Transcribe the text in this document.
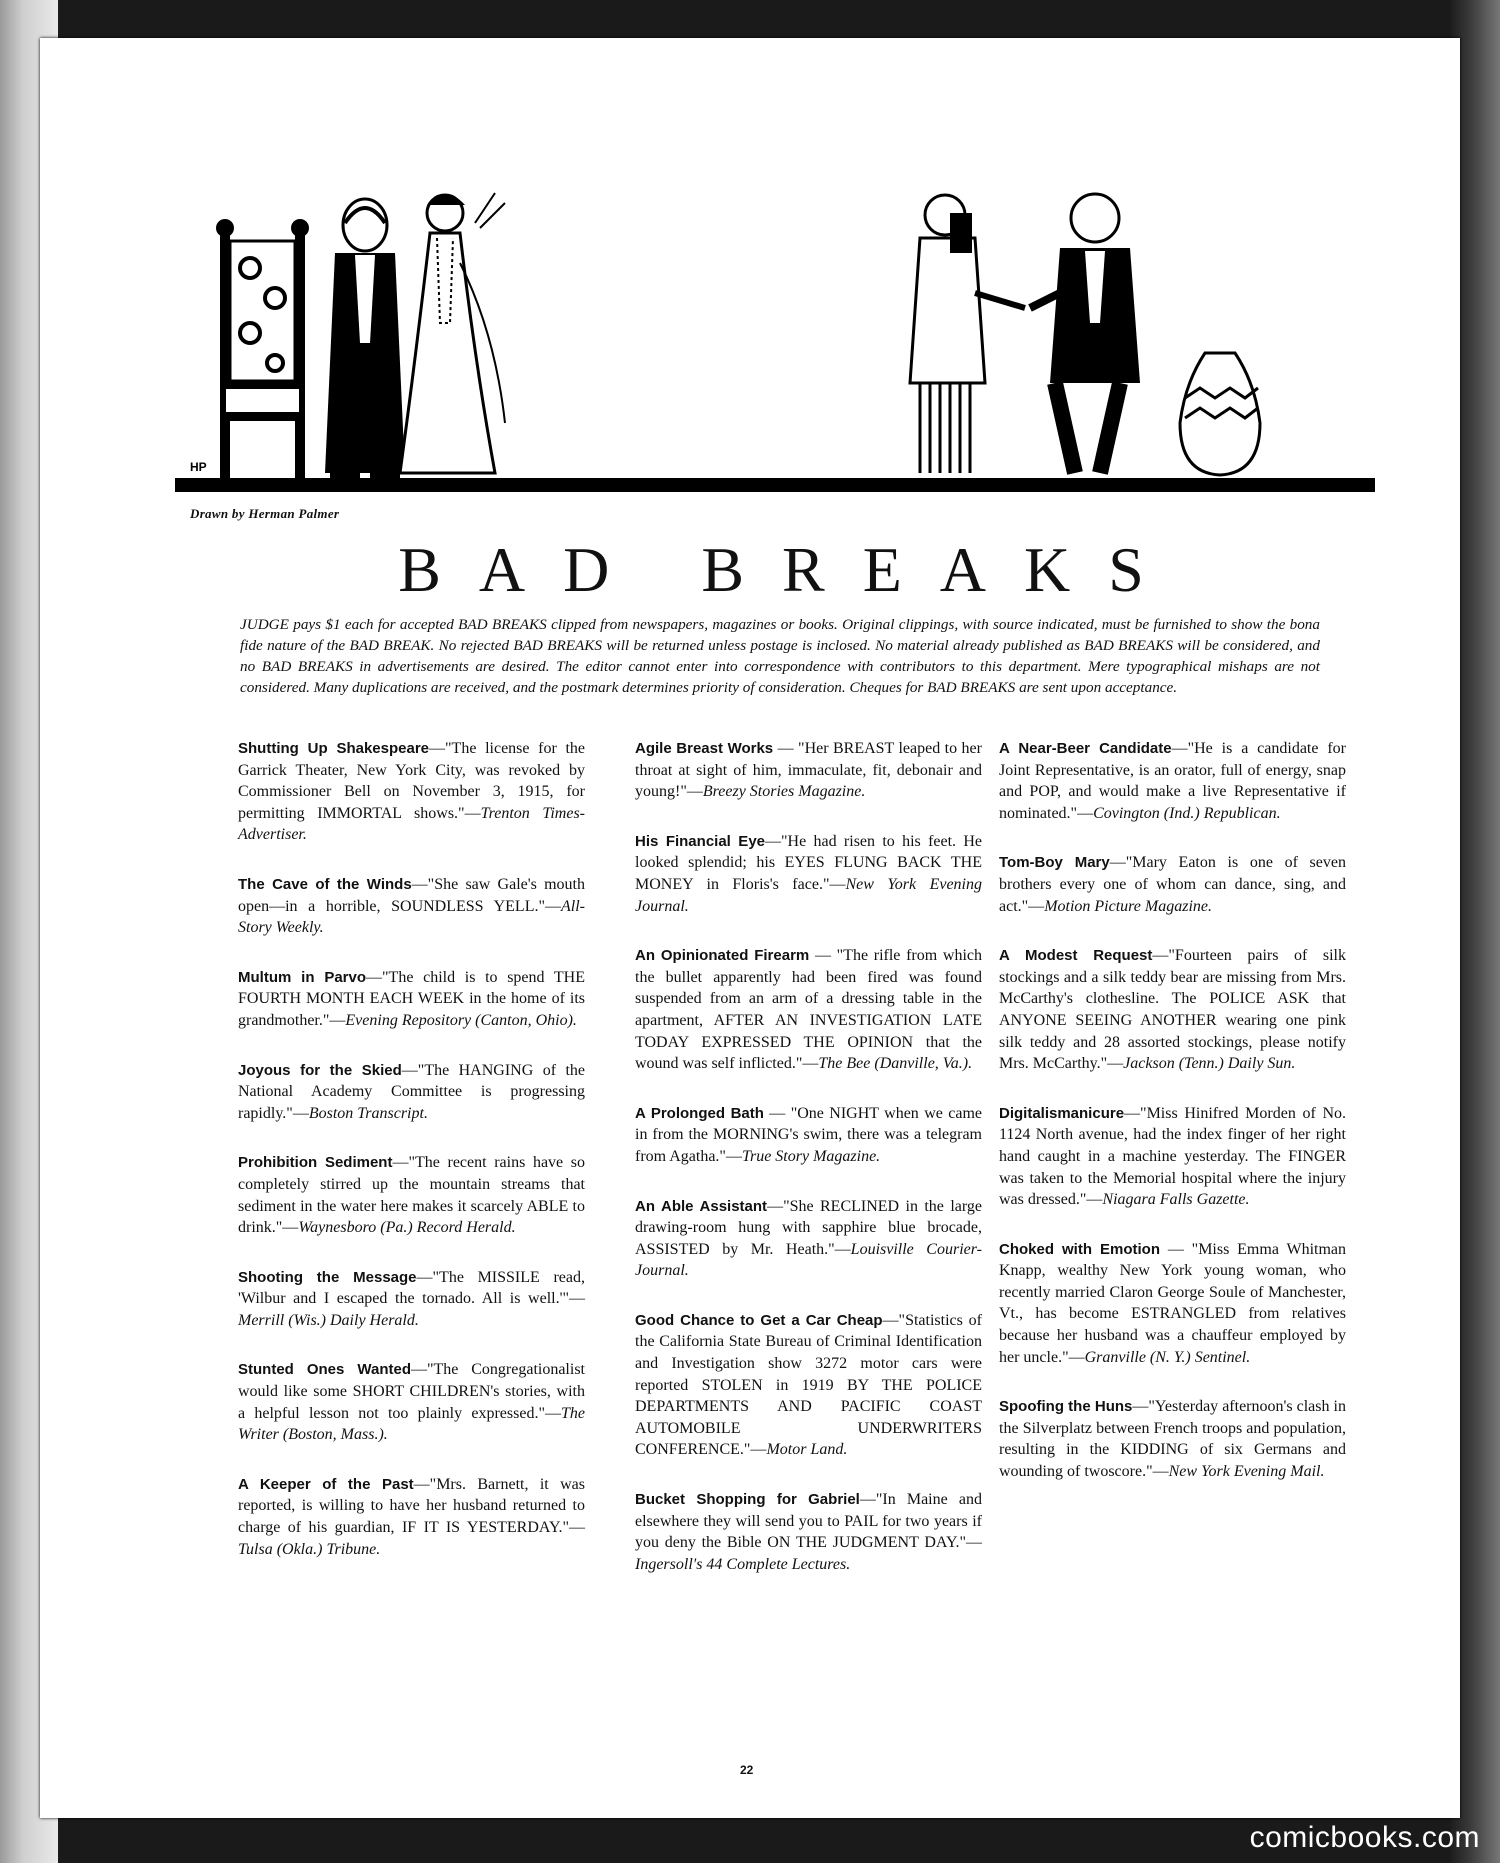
HP
Drawn by Herman Palmer
BAD BREAKS
JUDGE pays $1 each for accepted BAD BREAKS clipped from newspapers, magazines or books. Original clippings, with source indicated, must be furnished to show the bona fide nature of the BAD BREAK. No rejected BAD BREAKS will be returned unless postage is inclosed. No material already published as BAD BREAKS will be considered, and no BAD BREAKS in advertisements are desired. The editor cannot enter into correspondence with contributors to this department. Mere typographical mishaps are not considered. Many duplications are received, and the postmark determines priority of consideration. Cheques for BAD BREAKS are sent upon acceptance.
Shutting Up Shakespeare—"The license for the Garrick Theater, New York City, was revoked by Commissioner Bell on November 3, 1915, for permitting IMMORTAL shows."—Trenton Times-Advertiser.
The Cave of the Winds—"She saw Gale's mouth open—in a horrible, SOUNDLESS YELL."—All-Story Weekly.
Multum in Parvo—"The child is to spend THE FOURTH MONTH EACH WEEK in the home of its grandmother."—Evening Repository (Canton, Ohio).
Joyous for the Skied—"The HANGING of the National Academy Committee is progressing rapidly."—Boston Transcript.
Prohibition Sediment—"The recent rains have so completely stirred up the mountain streams that sediment in the water here makes it scarcely ABLE to drink."—Waynesboro (Pa.) Record Herald.
Shooting the Message—"The MISSILE read, 'Wilbur and I escaped the tornado. All is well.'"—Merrill (Wis.) Daily Herald.
Stunted Ones Wanted—"The Congregationalist would like some SHORT CHILDREN's stories, with a helpful lesson not too plainly expressed."—The Writer (Boston, Mass.).
A Keeper of the Past—"Mrs. Barnett, it was reported, is willing to have her husband returned to charge of his guardian, IF IT IS YESTERDAY."—Tulsa (Okla.) Tribune.
Agile Breast Works — "Her BREAST leaped to her throat at sight of him, immaculate, fit, debonair and young!"—Breezy Stories Magazine.
His Financial Eye—"He had risen to his feet. He looked splendid; his EYES FLUNG BACK THE MONEY in Floris's face."—New York Evening Journal.
An Opinionated Firearm — "The rifle from which the bullet apparently had been fired was found suspended from an arm of a dressing table in the apartment, AFTER AN INVESTIGATION LATE TODAY EXPRESSED THE OPINION that the wound was self inflicted."—The Bee (Danville, Va.).
A Prolonged Bath — "One NIGHT when we came in from the MORNING's swim, there was a telegram from Agatha."—True Story Magazine.
An Able Assistant—"She RECLINED in the large drawing-room hung with sapphire blue brocade, ASSISTED by Mr. Heath."—Louisville Courier-Journal.
Good Chance to Get a Car Cheap—"Statistics of the California State Bureau of Criminal Identification and Investigation show 3272 motor cars were reported STOLEN in 1919 BY THE POLICE DEPARTMENTS AND PACIFIC COAST AUTOMOBILE UNDERWRITERS CONFERENCE."—Motor Land.
Bucket Shopping for Gabriel—"In Maine and elsewhere they will send you to PAIL for two years if you deny the Bible ON THE JUDGMENT DAY."—Ingersoll's 44 Complete Lectures.
A Near-Beer Candidate—"He is a candidate for Joint Representative, is an orator, full of energy, snap and POP, and would make a live Representative if nominated."—Covington (Ind.) Republican.
Tom-Boy Mary—"Mary Eaton is one of seven brothers every one of whom can dance, sing, and act."—Motion Picture Magazine.
A Modest Request—"Fourteen pairs of silk stockings and a silk teddy bear are missing from Mrs. McCarthy's clothesline. The POLICE ASK that ANYONE SEEING ANOTHER wearing one pink silk teddy and 28 assorted stockings, please notify Mrs. McCarthy."—Jackson (Tenn.) Daily Sun.
Digitalismanicure—"Miss Hinifred Morden of No. 1124 North avenue, had the index finger of her right hand caught in a machine yesterday. The FINGER was taken to the Memorial hospital where the injury was dressed."—Niagara Falls Gazette.
Choked with Emotion — "Miss Emma Whitman Knapp, wealthy New York young woman, who recently married Claron George Soule of Manchester, Vt., has become ESTRANGLED from relatives because her husband was a chauffeur employed by her uncle."—Granville (N. Y.) Sentinel.
Spoofing the Huns—"Yesterday afternoon's clash in the Silverplatz between French troops and population, resulting in the KIDDING of six Germans and wounding of twoscore."—New York Evening Mail.
22
comicbooks.com
